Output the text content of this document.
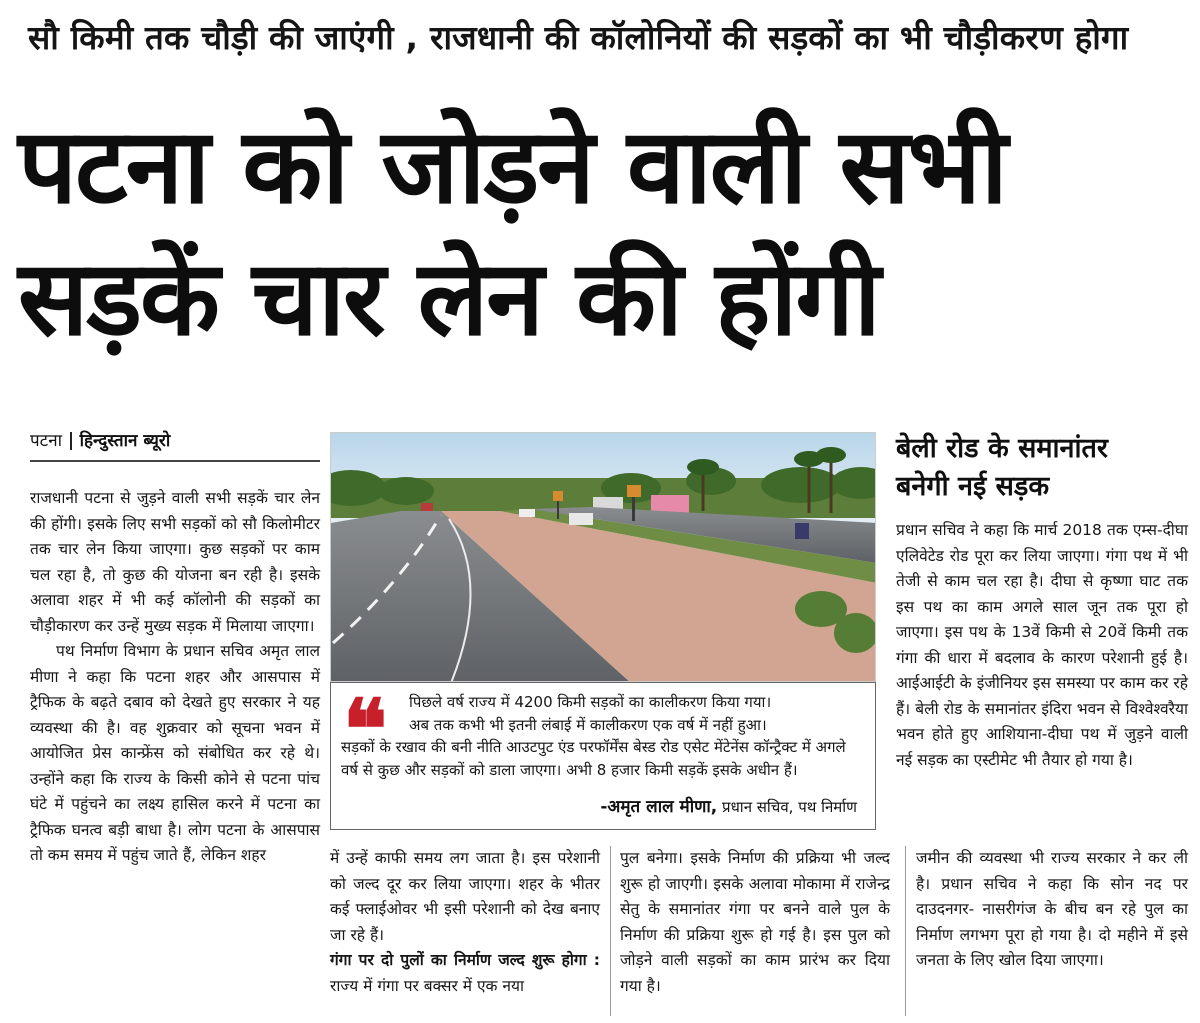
सौ किमी तक चौड़ी की जाएंगी , राजधानी की कॉलोनियों की सड़कों का भी चौड़ीकरण होगा
पटना को जोड़ने वाली सभी
सड़कें चार लेन की होंगी
पटना हिन्दुस्तान ब्यूरो

राजधानी पटना से जुड़ने वाली सभी सड़कें चार लेन की होंगी। इसके लिए सभी सड़कों को सौ किलोमीटर तक चार लेन किया जाएगा। कुछ सड़कों पर काम चल रहा है, तो कुछ की योजना बन रही है। इसके अलावा शहर में भी कई कॉलोनी की सड़कों का चौड़ीकारण कर उन्हें मुख्य सड़क में मिलाया जाएगा।

पथ निर्माण विभाग के प्रधान सचिव अमृत लाल मीणा ने कहा कि पटना शहर और आसपास में ट्रैफिक के बढ़ते दबाव को देखते हुए सरकार ने यह व्यवस्था की है। वह शुक्रवार को सूचना भवन में आयोजित प्रेस कान्फ्रेंस को संबोधित कर रहे थे। उन्होंने कहा कि राज्य के किसी कोने से पटना पांच घंटे में पहुंचने का लक्ष्य हासिल करने में पटना का ट्रैफिक घनत्व बड़ी बाधा है। लोग पटना के आसपास तो कम समय में पहुंच जाते हैं, लेकिन शहर

❝	पिछले वर्ष राज्य में 4200 किमी सड़कों का कालीकरण किया गया।
अब तक कभी भी इतनी लंबाई में कालीकरण एक वर्ष में नहीं हुआ।
सड़कों के रखाव की बनी नीति आउटपुट एंड परफॉर्मेंस बेस्ड रोड एसेट मेंटेनेंस कॉन्ट्रैक्ट में अगले वर्ष से कुछ और सड़कों को डाला जाएगा। अभी 8 हजार किमी सड़कें इसके अधीन हैं।
-अमृत लाल मीणा, प्रधान सचिव, पथ निर्माण
बेली रोड के समानांतर
बनेगी नई सड़क
प्रधान सचिव ने कहा कि मार्च 2018 तक एम्स-दीघा एलिवेटेड रोड पूरा कर लिया जाएगा। गंगा पथ में भी तेजी से काम चल रहा है। दीघा से कृष्णा घाट तक इस पथ का काम अगले साल जून तक पूरा हो जाएगा। इस पथ के 13वें किमी से 20वें किमी तक गंगा की धारा में बदलाव के कारण परेशानी हुई है। आईआईटी के इंजीनियर इस समस्या पर काम कर रहे हैं। बेली रोड के समानांतर इंदिरा भवन से विश्वेश्वरैया भवन होते हुए आशियाना-दीघा पथ में जुड़ने वाली नई सड़क का एस्टीमेट भी तैयार हो गया है।

में उन्हें काफी समय लग जाता है। इस परेशानी को जल्द दूर कर लिया जाएगा। शहर के भीतर कई फ्लाईओवर भी इसी परेशानी को देख बनाए जा रहे हैं।

गंगा पर दो पुलों का निर्माण जल्द शुरू होगा : राज्य में गंगा पर बक्सर में एक नया

पुल बनेगा। इसके निर्माण की प्रक्रिया भी जल्द शुरू हो जाएगी। इसके अलावा मोकामा में राजेन्द्र सेतु के समानांतर गंगा पर बनने वाले पुल के निर्माण की प्रक्रिया शुरू हो गई है। इस पुल को जोड़ने वाली सड़कों का काम प्रारंभ कर दिया गया है।
जमीन की व्यवस्था भी राज्य सरकार ने कर ली है। प्रधान सचिव ने कहा कि सोन नद पर दाउदनगर- नासरीगंज के बीच बन रहे पुल का निर्माण लगभग पूरा हो गया है। दो महीने में इसे जनता के लिए खोल दिया जाएगा।
